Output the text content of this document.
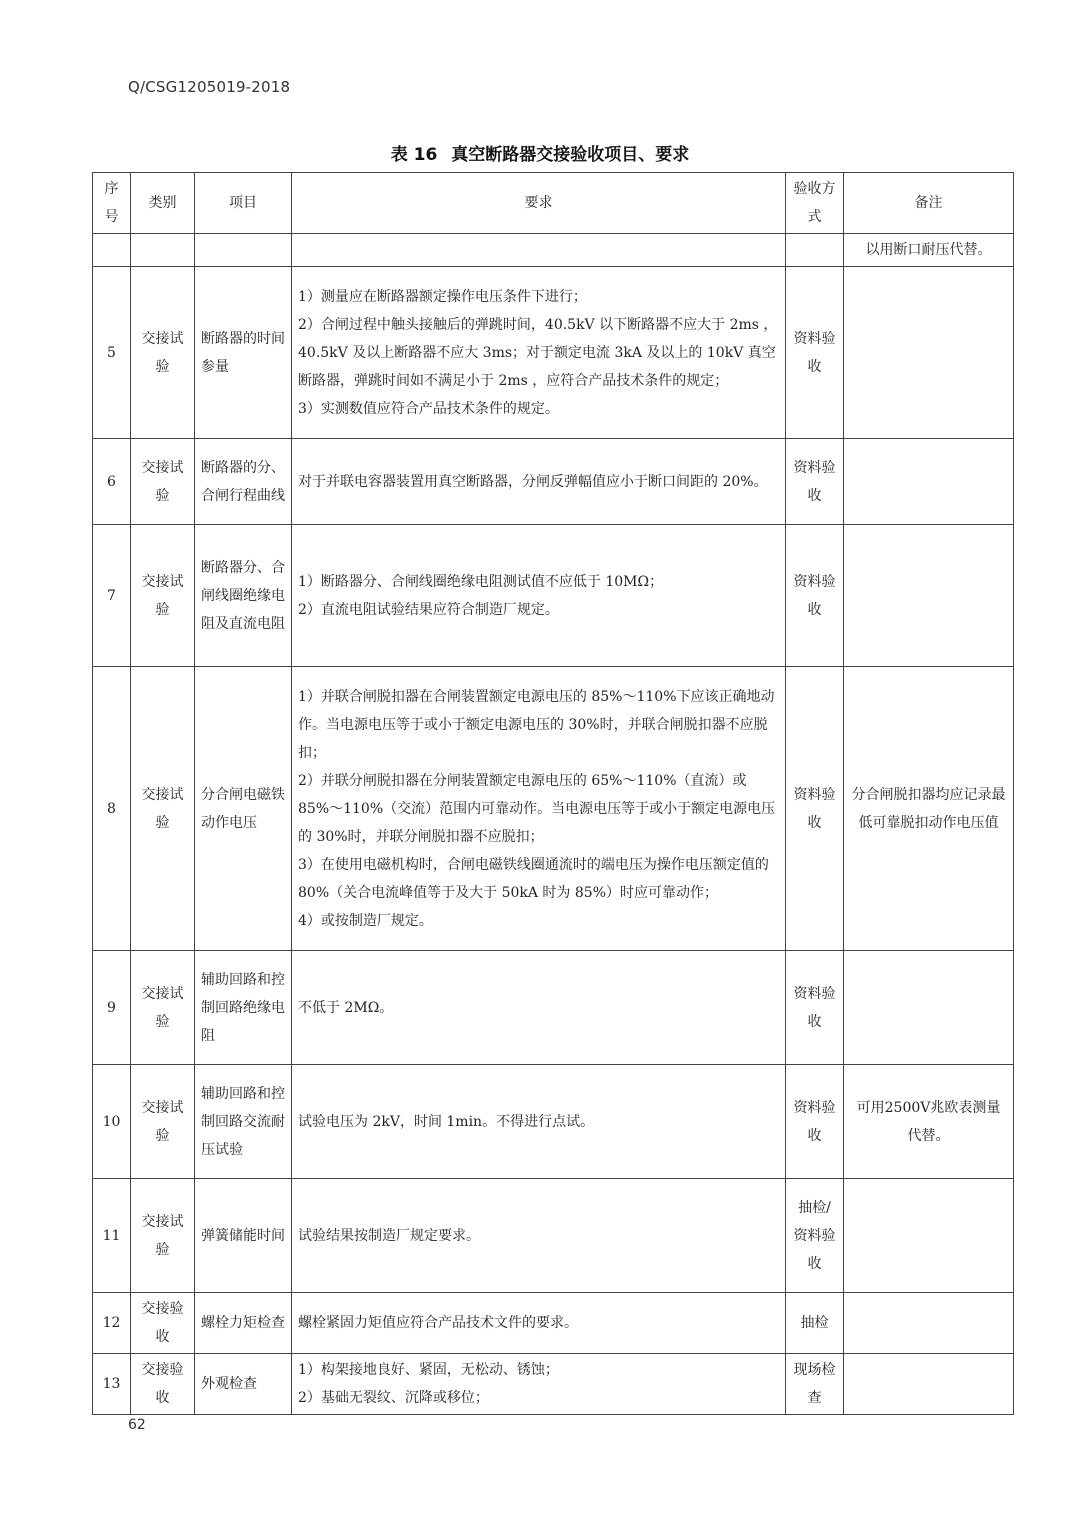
Q/CSG1205019-2018
表 16 真空断路器交接验收项目、要求
序号	类别	项目	要求	验收方式	备注
					以用断口耐压代替。
5	交接试验	断路器的时间参量	1）测量应在断路器额定操作电压条件下进行；
2）合闸过程中触头接触后的弹跳时间，40.5kV 以下断路器不应大于 2ms ，40.5kV 及以上断路器不应大 3ms；对于额定电流 3kA 及以上的 10kV 真空断路器，弹跳时间如不满足小于 2ms ，应符合产品技术条件的规定；
3）实测数值应符合产品技术条件的规定。	资料验收	
6	交接试验	断路器的分、合闸行程曲线	对于并联电容器装置用真空断路器，分闸反弹幅值应小于断口间距的 20%。	资料验收	
7	交接试验	断路器分、合闸线圈绝缘电阻及直流电阻	1）断路器分、合闸线圈绝缘电阻测试值不应低于 10MΩ；
2）直流电阻试验结果应符合制造厂规定。	资料验收	
8	交接试验	分合闸电磁铁动作电压	1）并联合闸脱扣器在合闸装置额定电源电压的 85%～110%下应该正确地动作。当电源电压等于或小于额定电源电压的 30%时，并联合闸脱扣器不应脱扣；
2）并联分闸脱扣器在分闸装置额定电源电压的 65%～110%（直流）或 85%～110%（交流）范围内可靠动作。当电源电压等于或小于额定电源电压的 30%时，并联分闸脱扣器不应脱扣；
3）在使用电磁机构时，合闸电磁铁线圈通流时的端电压为操作电压额定值的 80%（关合电流峰值等于及大于 50kA 时为 85%）时应可靠动作；
4）或按制造厂规定。	资料验收	分合闸脱扣器均应记录最低可靠脱扣动作电压值
9	交接试验	辅助回路和控制回路绝缘电阻	不低于 2MΩ。	资料验收	
10	交接试验	辅助回路和控制回路交流耐压试验	试验电压为 2kV，时间 1min。不得进行点试。	资料验收	可用2500V兆欧表测量代替。
11	交接试验	弹簧储能时间	试验结果按制造厂规定要求。	抽检/资料验收	
12	交接验收	螺栓力矩检查	螺栓紧固力矩值应符合产品技术文件的要求。	抽检	
13	交接验收	外观检查	1）构架接地良好、紧固，无松动、锈蚀；
2）基础无裂纹、沉降或移位；	现场检查	
62
